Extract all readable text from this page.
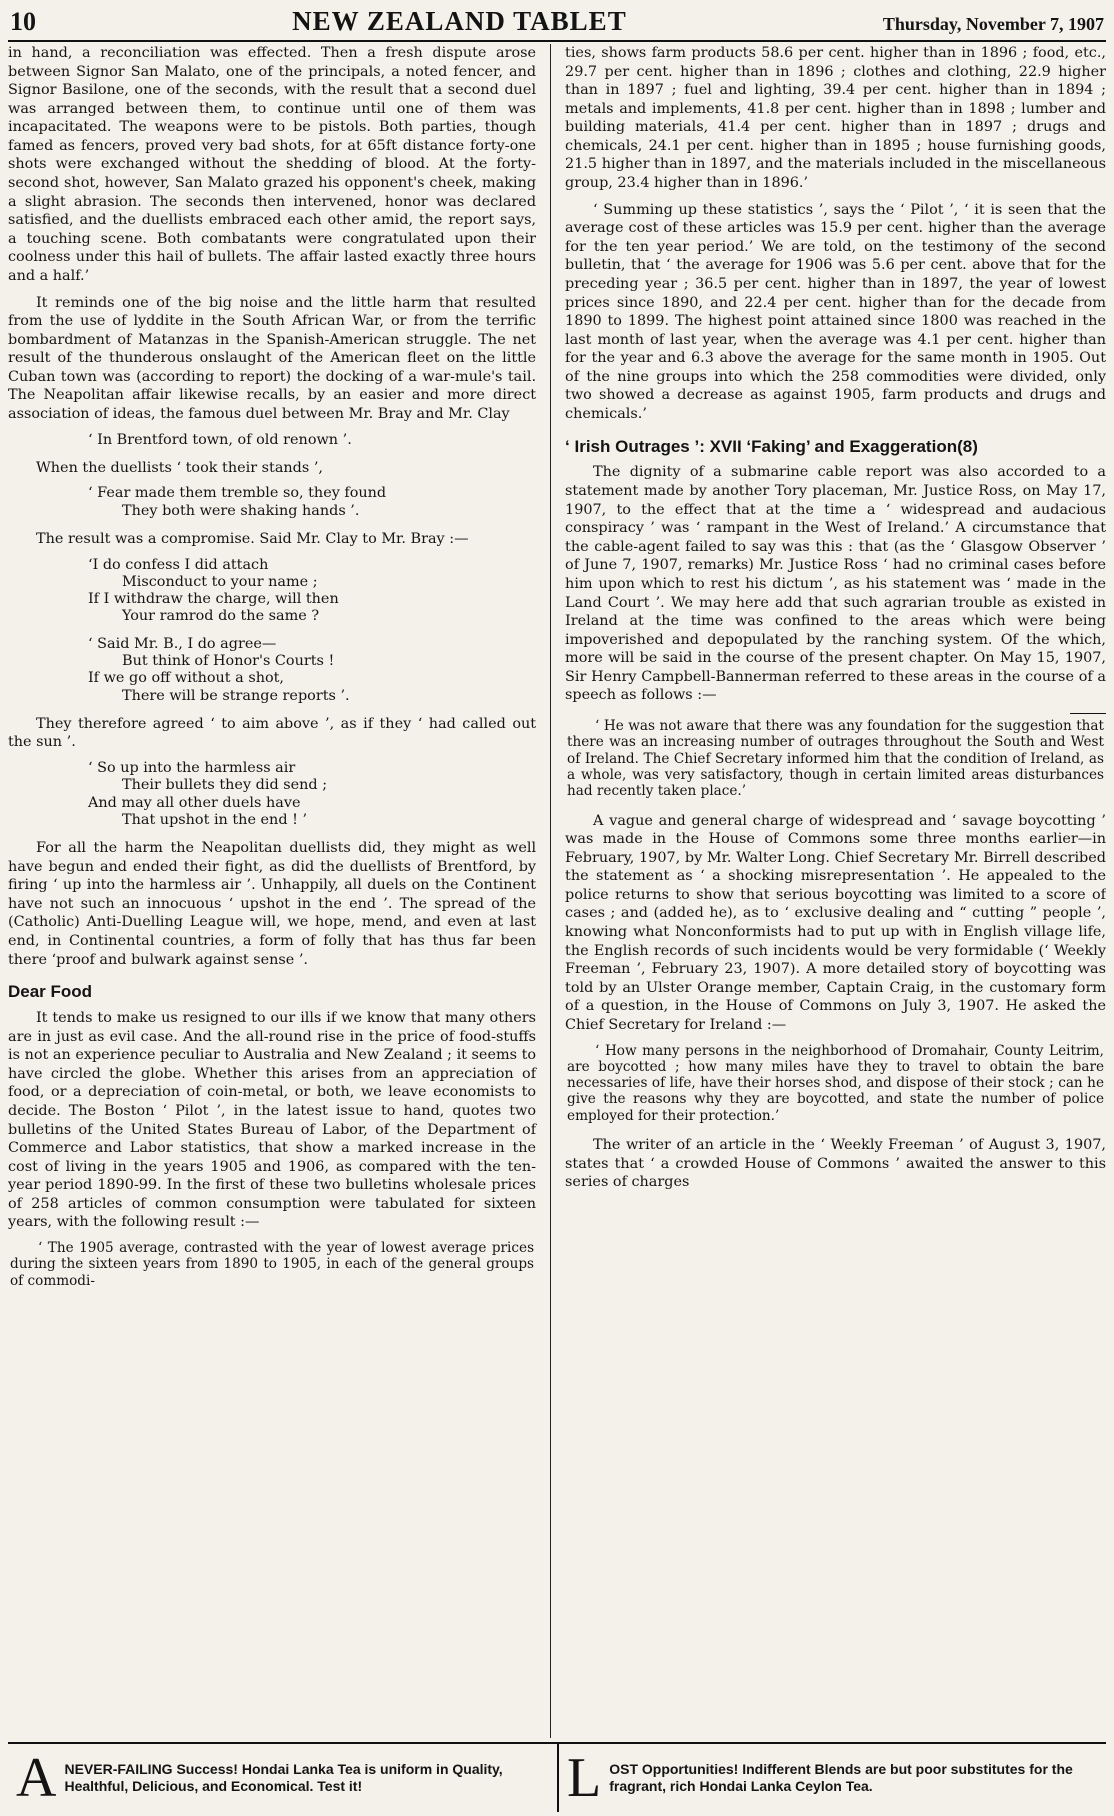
10	NEW ZEALAND TABLET	Thursday, November 7, 1907

in hand, a reconciliation was effected. Then a fresh dispute arose between Signor San Malato, one of the principals, a noted fencer, and Signor Basilone, one of the seconds, with the result that a second duel was arranged between them, to continue until one of them was incapacitated. The weapons were to be pistols. Both parties, though famed as fencers, proved very bad shots, for at 65ft distance forty-one shots were exchanged without the shedding of blood. At the forty-second shot, however, San Malato grazed his opponent's cheek, making a slight abrasion. The seconds then intervened, honor was declared satisfied, and the duellists embraced each other amid, the report says, a touching scene. Both combatants were congratulated upon their coolness under this hail of bullets. The affair lasted exactly three hours and a half.’

It reminds one of the big noise and the little harm that resulted from the use of lyddite in the South African War, or from the terrific bombardment of Matanzas in the Spanish-American struggle. The net result of the thunderous onslaught of the American fleet on the little Cuban town was (according to report) the docking of a war-mule's tail. The Neapolitan affair likewise recalls, by an easier and more direct association of ideas, the famous duel between Mr. Bray and Mr. Clay

‘ In Brentford town, of old renown ’.

When the duellists ‘ took their stands ’,

‘ Fear made them tremble so, they found
They both were shaking hands ’.

The result was a compromise. Said Mr. Clay to Mr. Bray :—

‘I do confess I did attach
Misconduct to your name ;
If I withdraw the charge, will then
Your ramrod do the same ?
‘ Said Mr. B., I do agree—
But think of Honor's Courts !
If we go off without a shot,
There will be strange reports ’.

They therefore agreed ‘ to aim above ’, as if they ‘ had called out the sun ’.

‘ So up into the harmless air
Their bullets they did send ;
And may all other duels have
That upshot in the end ! ’

For all the harm the Neapolitan duellists did, they might as well have begun and ended their fight, as did the duellists of Brentford, by firing ‘ up into the harmless air ’. Unhappily, all duels on the Continent have not such an innocuous ‘ upshot in the end ’. The spread of the (Catholic) Anti-Duelling League will, we hope, mend, and even at last end, in Continental countries, a form of folly that has thus far been there ‘proof and bulwark against sense ’.

Dear Food

It tends to make us resigned to our ills if we know that many others are in just as evil case. And the all-round rise in the price of food-stuffs is not an experience peculiar to Australia and New Zealand ; it seems to have circled the globe. Whether this arises from an appreciation of food, or a depreciation of coin-metal, or both, we leave economists to decide. The Boston ‘ Pilot ’, in the latest issue to hand, quotes two bulletins of the United States Bureau of Labor, of the Department of Commerce and Labor statistics, that show a marked increase in the cost of living in the years 1905 and 1906, as compared with the ten-year period 1890-99. In the first of these two bulletins wholesale prices of 258 articles of common consumption were tabulated for sixteen years, with the following result :—

‘ The 1905 average, contrasted with the year of lowest average prices during the sixteen years from 1890 to 1905, in each of the general groups of commodi-

ties, shows farm products 58.6 per cent. higher than in 1896 ; food, etc., 29.7 per cent. higher than in 1896 ; clothes and clothing, 22.9 higher than in 1897 ; fuel and lighting, 39.4 per cent. higher than in 1894 ; metals and implements, 41.8 per cent. higher than in 1898 ; lumber and building materials, 41.4 per cent. higher than in 1897 ; drugs and chemicals, 24.1 per cent. higher than in 1895 ; house furnishing goods, 21.5 higher than in 1897, and the materials included in the miscellaneous group, 23.4 higher than in 1896.’

‘ Summing up these statistics ’, says the ‘ Pilot ’, ‘ it is seen that the average cost of these articles was 15.9 per cent. higher than the average for the ten year period.’ We are told, on the testimony of the second bulletin, that ‘ the average for 1906 was 5.6 per cent. above that for the preceding year ; 36.5 per cent. higher than in 1897, the year of lowest prices since 1890, and 22.4 per cent. higher than for the decade from 1890 to 1899. The highest point attained since 1800 was reached in the last month of last year, when the average was 4.1 per cent. higher than for the year and 6.3 above the average for the same month in 1905. Out of the nine groups into which the 258 commodities were divided, only two showed a decrease as against 1905, farm products and drugs and chemicals.’

‘ Irish Outrages ’: XVII ‘Faking’ and Exaggeration(8)

The dignity of a submarine cable report was also accorded to a statement made by another Tory placeman, Mr. Justice Ross, on May 17, 1907, to the effect that at the time a ‘ widespread and audacious conspiracy ’ was ‘ rampant in the West of Ireland.’ A circumstance that the cable-agent failed to say was this : that (as the ‘ Glasgow Observer ’ of June 7, 1907, remarks) Mr. Justice Ross ‘ had no criminal cases before him upon which to rest his dictum ’, as his statement was ‘ made in the Land Court ’. We may here add that such agrarian trouble as existed in Ireland at the time was confined to the areas which were being impoverished and depopulated by the ranching system. Of the which, more will be said in the course of the present chapter. On May 15, 1907, Sir Henry Campbell-Bannerman referred to these areas in the course of a speech as follows :—

‘ He was not aware that there was any foundation for the suggestion that there was an increasing number of outrages throughout the South and West of Ireland. The Chief Secretary informed him that the condition of Ireland, as a whole, was very satisfactory, though in certain limited areas disturbances had recently taken place.’

A vague and general charge of widespread and ‘ savage boycotting ’ was made in the House of Commons some three months earlier—in February, 1907, by Mr. Walter Long. Chief Secretary Mr. Birrell described the statement as ‘ a shocking misrepresentation ’. He appealed to the police returns to show that serious boycotting was limited to a score of cases ; and (added he), as to ‘ exclusive dealing and “ cutting ” people ’, knowing what Nonconformists had to put up with in English village life, the English records of such incidents would be very formidable (‘ Weekly Freeman ’, February 23, 1907). A more detailed story of boycotting was told by an Ulster Orange member, Captain Craig, in the customary form of a question, in the House of Commons on July 3, 1907. He asked the Chief Secretary for Ireland :—

‘ How many persons in the neighborhood of Dromahair, County Leitrim, are boycotted ; how many miles have they to travel to obtain the bare necessaries of life, have their horses shod, and dispose of their stock ; can he give the reasons why they are boycotted, and state the number of police employed for their protection.’

The writer of an article in the ‘ Weekly Freeman ’ of August 3, 1907, states that ‘ a crowded House of Commons ’ awaited the answer to this series of charges

A NEVER-FAILING Success! Hondai Lanka Tea is uniform in Quality, Healthful, Delicious, and Economical. Test it!	L OST Opportunities! Indifferent Blends are but poor substitutes for the fragrant, rich Hondai Lanka Ceylon Tea.
